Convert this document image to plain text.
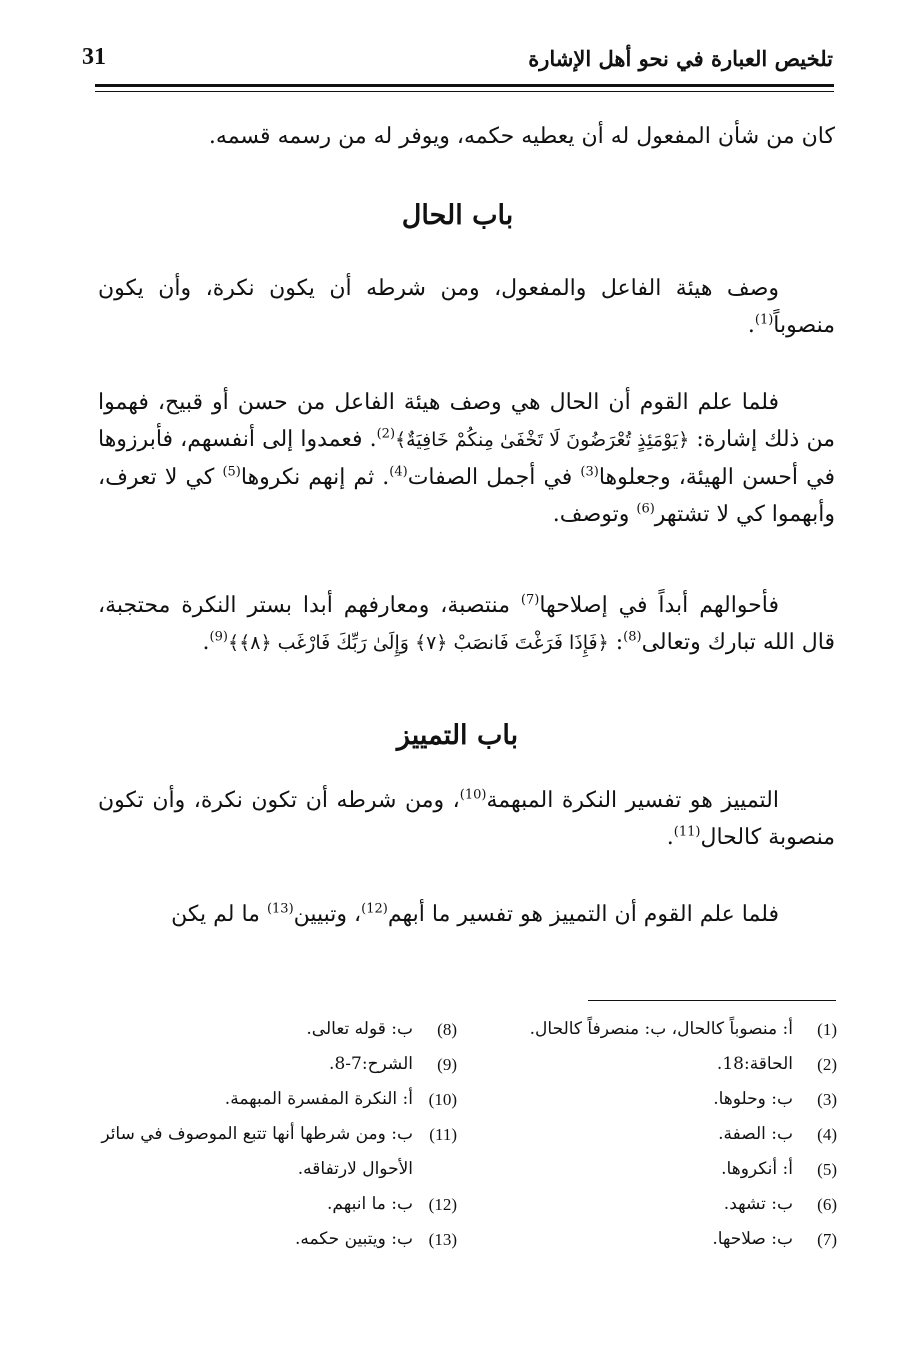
31	تلخيص العبارة في نحو أهل الإشارة
كان من شأن المفعول له أن يعطيه حكمه، ويوفر له من رسمه قسمه.
باب الحال
وصف هيئة الفاعل والمفعول، ومن شرطه أن يكون نكرة، وأن يكون منصوباً$^{(1)}$.
فلما علم القوم أن الحال هي وصف هيئة الفاعل من حسن أو قبيح، فهموا من ذلك إشارة: ﴿يَوْمَئِذٍ تُعْرَضُونَ لَا تَخْفَىٰ مِنكُمْ خَافِيَةٌ﴾$^{(2)}$. فعمدوا إلى أنفسهم، فأبرزوها في أحسن الهيئة، وجعلوها$^{(3)}$ في أجمل الصفات$^{(4)}$. ثم إنهم نكروها$^{(5)}$ كي لا تعرف، وأبهموا كي لا تشتهر$^{(6)}$ وتوصف.
فأحوالهم أبداً في إصلاحها$^{(7)}$ منتصبة، ومعارفهم أبدا بستر النكرة محتجبة، قال الله تبارك وتعالى$^{(8)}$: ﴿فَإِذَا فَرَغْتَ فَانصَبْ ﴿٧﴾ وَإِلَىٰ رَبِّكَ فَارْغَب ﴿٨﴾﴾$^{(9)}$.
باب التمييز
التمييز هو تفسير النكرة المبهمة$^{(10)}$، ومن شرطه أن تكون نكرة، وأن تكون منصوبة كالحال$^{(11)}$.
فلما علم القوم أن التمييز هو تفسير ما أبهم$^{(12)}$، وتبيين$^{(13)}$ ما لم يكن
(1)
أ: منصوباً كالحال، ب: منصرفاً كالحال.
(2)
الحاقة:18.
(3)
ب: وحلوها.
(4)
ب: الصفة.
(5)
أ: أنكروها.
(6)
ب: تشهد.
(7)
ب: صلاحها.
(8)
ب: قوله تعالى.
(9)
الشرح:7-8.
(10)
أ: النكرة المفسرة المبهمة.
(11)
ب: ومن شرطها أنها تتبع الموصوف في سائر الأحوال لارتفاقه.
(12)
ب: ما انبهم.
(13)
ب: ويتبين حكمه.
